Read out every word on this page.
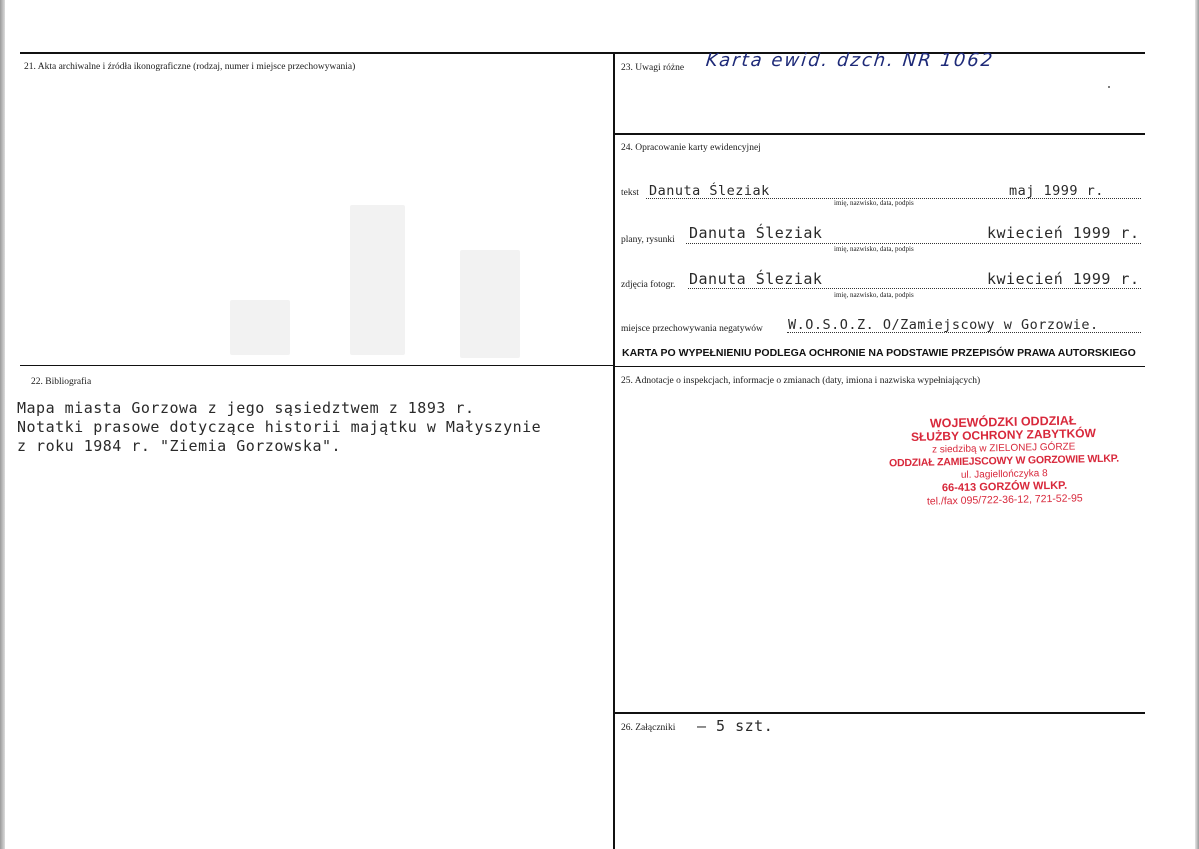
21. Akta archiwalne i źródła ikonograficzne (rodzaj, numer i miejsce przechowywania)
22. Bibliografia
Mapa miasta Gorzowa z jego sąsiedztwem z 1893 r.
Notatki prasowe dotyczące historii majątku w Małyszynie
z roku 1984 r. "Ziemia Gorzowska".
23. Uwagi różne Karta ewid. dzch. NR 1062
24. Opracowanie karty ewidencyjnej
tekst Danuta Śleziak	maj 1999 r.
imię, nazwisko, data, podpis
plany, rysunki Danuta Śleziak	kwiecień 1999 r.
imię, nazwisko, data, podpis
zdjęcia fotogr. Danuta Śleziak	kwiecień 1999 r.
imię, nazwisko, data, podpis
miejsce przechowywania negatywów W.O.S.O.Z. O/Zamiejscowy w Gorzowie.
KARTA PO WYPEŁNIENIU PODLEGA OCHRONIE NA PODSTAWIE PRZEPISÓW PRAWA AUTORSKIEGO
25. Adnotacje o inspekcjach, informacje o zmianach (daty, imiona i nazwiska wypełniających)
WOJEWÓDZKI ODDZIAŁ
SŁUŻBY OCHRONY ZABYTKÓW
z siedzibą w ZIELONEJ GÓRZE
ODDZIAŁ ZAMIEJSCOWY W GORZOWIE WLKP.
ul. Jagiellończyka 8
66-413 GORZÓW WLKP.
tel./fax 095/722-36-12, 721-52-95
26. Załączniki – 5 szt.
